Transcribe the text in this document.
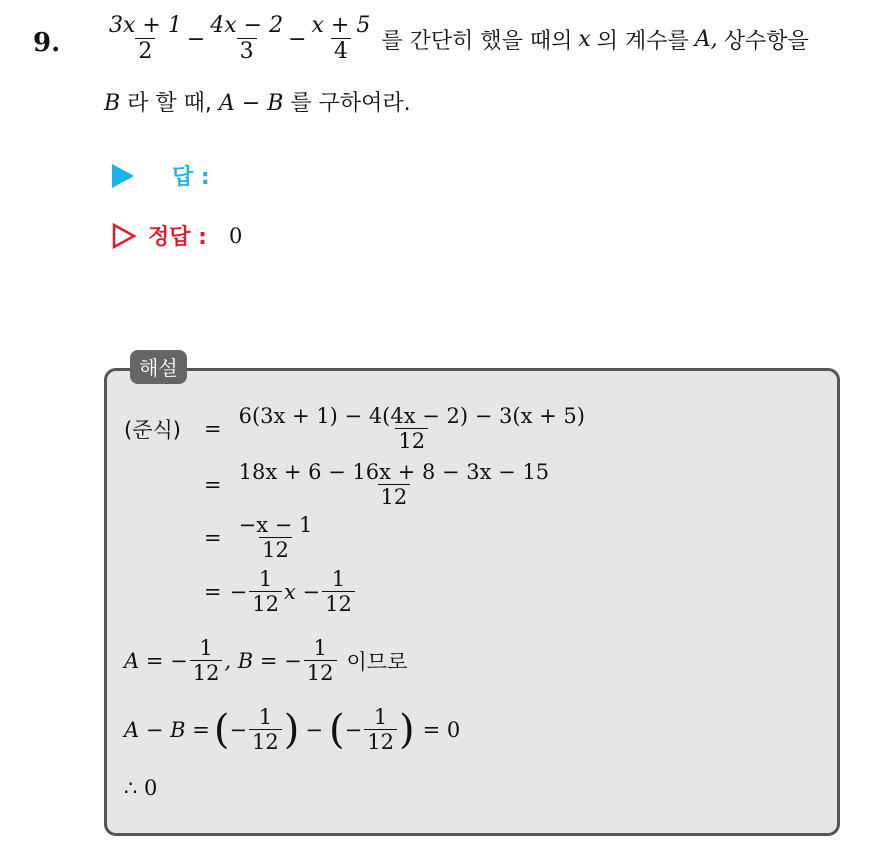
9. $\frac{3x + 1}{2} - \frac{4x - 2}{3} - \frac{x + 5}{4}$ 를 간단히 했을 때의 x 의 계수를 A, 상수항을
B 라 할 때, A − B 를 구하여라.
답 :
정답 : 0
해설
(준식)	= $\frac{6(3x + 1) - 4(4x - 2) - 3(x + 5)}{12}$
= $\frac{18x + 6 - 16x + 8 - 3x - 15}{12}$
= $\frac{-x - 1}{12}$
= − $\frac{1}{12}$ $x - \frac{1}{12}$
A = − $\frac{1}{12}$ , B = − $\frac{1}{12}$ 이므로
A − B = ( − $\frac{1}{12}$ ) − ( − $\frac{1}{12}$ ) = 0
∴ 0
